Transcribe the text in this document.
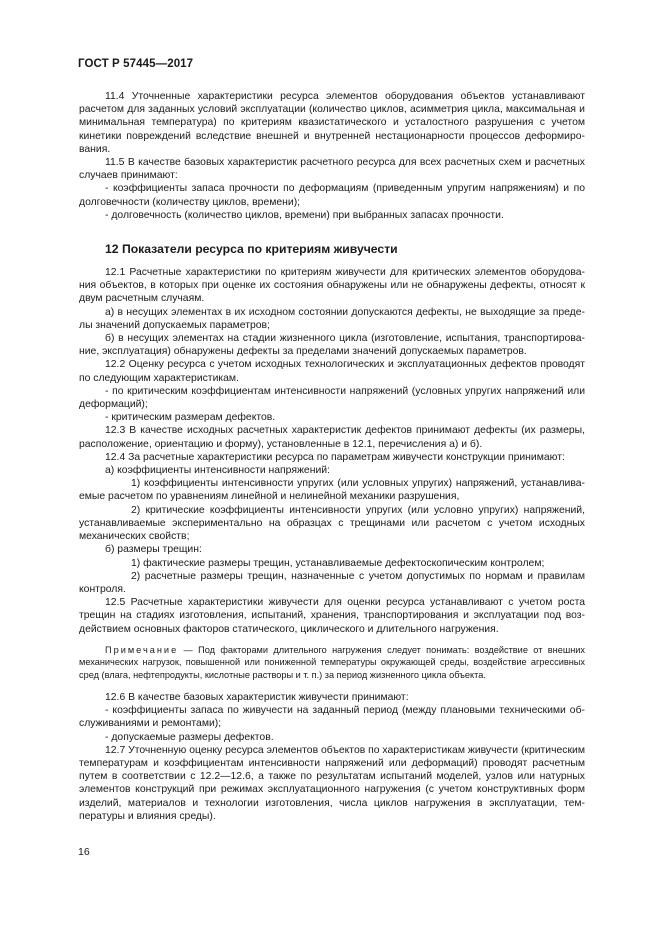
ГОСТ Р 57445—2017

11.4 Уточненные характеристики ресурса элементов оборудования объектов устанавливают расчетом для заданных условий эксплуатации (количество циклов, асимметрия цикла, максимальная и минимальная температура) по критериям квазистатического и усталостного разрушения с учетом кинетики повреждений вследствие внешней и внутренней нестационарности процессов деформирования.

11.5 В качестве базовых характеристик расчетного ресурса для всех расчетных схем и расчетных случаев принимают:

- коэффициенты запаса прочности по деформациям (приведенным упругим напряжениям) и по долговечности (количеству циклов, времени);

- долговечность (количество циклов, времени) при выбранных запасах прочности.

12 Показатели ресурса по критериям живучести

12.1 Расчетные характеристики по критериям живучести для критических элементов оборудования объектов, в которых при оценке их состояния обнаружены или не обнаружены дефекты, относят к двум расчетным случаям.

а) в несущих элементах в их исходном состоянии допускаются дефекты, не выходящие за пределы значений допускаемых параметров;

б) в несущих элементах на стадии жизненного цикла (изготовление, испытания, транспортирование, эксплуатация) обнаружены дефекты за пределами значений допускаемых параметров.

12.2 Оценку ресурса с учетом исходных технологических и эксплуатационных дефектов проводят по следующим характеристикам.

- по критическим коэффициентам интенсивности напряжений (условных упругих напряжений или деформаций);

- критическим размерам дефектов.

12.3 В качестве исходных расчетных характеристик дефектов принимают дефекты (их размеры, расположение, ориентацию и форму), установленные в 12.1, перечисления а) и б).

12.4 За расчетные характеристики ресурса по параметрам живучести конструкции принимают:

а) коэффициенты интенсивности напряжений:

1) коэффициенты интенсивности упругих (или условных упругих) напряжений, устанавливаемые расчетом по уравнениям линейной и нелинейной механики разрушения,

2) критические коэффициенты интенсивности упругих (или условно упругих) напряжений, устанавливаемые экспериментально на образцах с трещинами или расчетом с учетом исходных механических свойств;

б) размеры трещин:

1) фактические размеры трещин, устанавливаемые дефектоскопическим контролем;

2) расчетные размеры трещин, назначенные с учетом допустимых по нормам и правилам контроля.

12.5 Расчетные характеристики живучести для оценки ресурса устанавливают с учетом роста трещин на стадиях изготовления, испытаний, хранения, транспортирования и эксплуатации под воздействием основных факторов статического, циклического и длительного нагружения.

Примечание — Под факторами длительного нагружения следует понимать: воздействие от внешних механических нагрузок, повышенной или пониженной температуры окружающей среды, воздействие агрессивных сред (влага, нефтепродукты, кислотные растворы и т. п.) за период жизненного цикла объекта.

12.6 В качестве базовых характеристик живучести принимают:

- коэффициенты запаса по живучести на заданный период (между плановыми техническими обслуживаниями и ремонтами);

- допускаемые размеры дефектов.

12.7 Уточненную оценку ресурса элементов объектов по характеристикам живучести (критическим температурам и коэффициентам интенсивности напряжений или деформаций) проводят расчетным путем в соответствии с 12.2—12.6, а также по результатам испытаний моделей, узлов или натурных элементов конструкций при режимах эксплуатационного нагружения (с учетом конструктивных форм изделий, материалов и технологии изготовления, числа циклов нагружения в эксплуатации, температуры и влияния среды).

16
